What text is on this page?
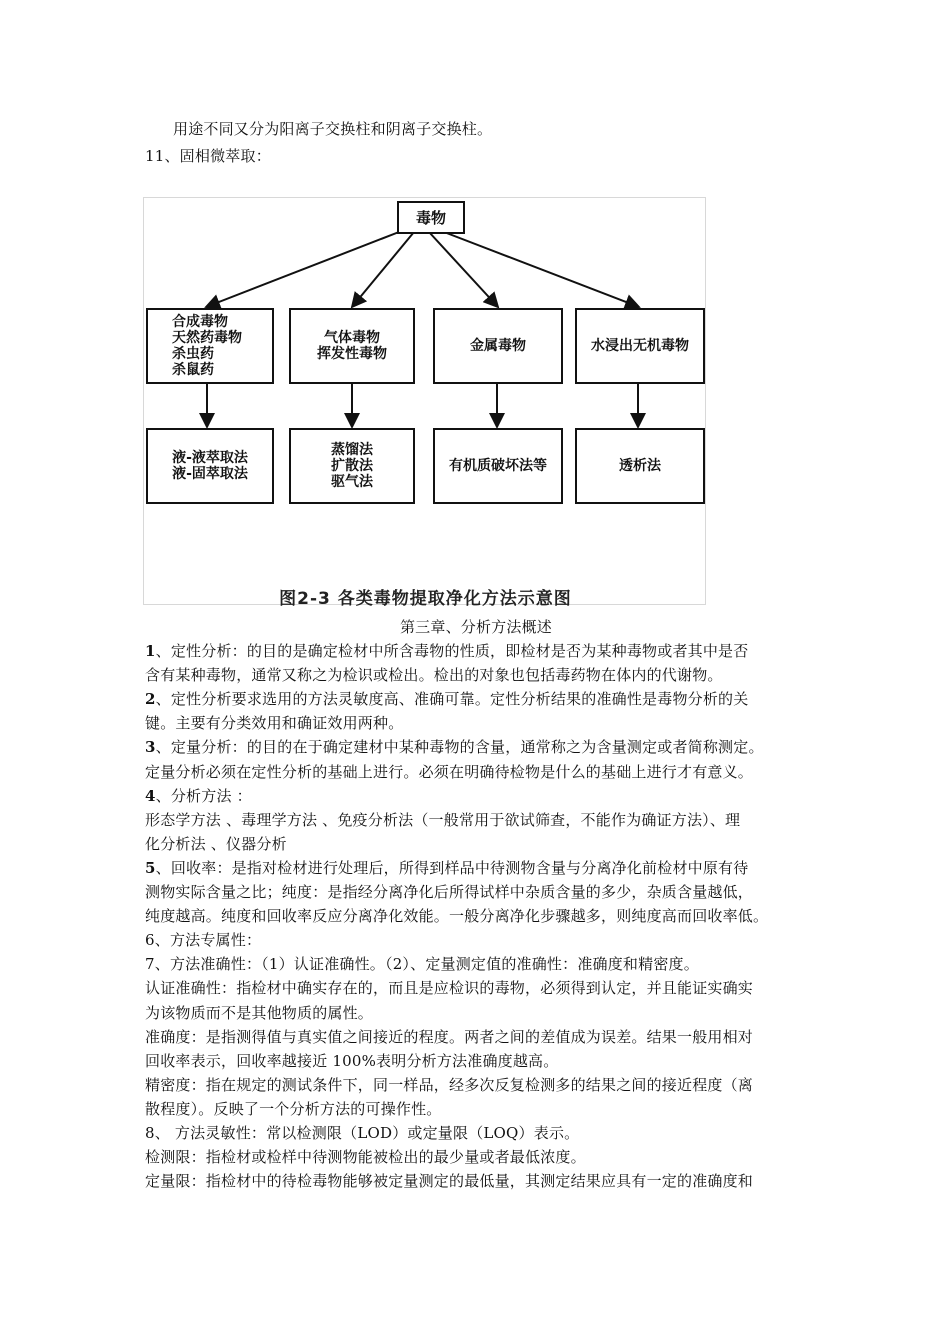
用途不同又分为阳离子交换柱和阴离子交换柱。
11、固相微萃取：
毒物
合成毒物
天然药毒物
杀虫药
杀鼠药
气体毒物
挥发性毒物	金属毒物	水浸出无机毒物
液-液萃取法
液-固萃取法
蒸馏法
扩散法
驱气法
有机质破坏法等	透析法
图2-3 各类毒物提取净化方法示意图
第三章、分析方法概述
1、定性分析：的目的是确定检材中所含毒物的性质，即检材是否为某种毒物或者其中是否
含有某种毒物，通常又称之为检识或检出。检出的对象也包括毒药物在体内的代谢物。
2、定性分析要求选用的方法灵敏度高、准确可靠。定性分析结果的准确性是毒物分析的关
键。主要有分类效用和确证效用两种。
3、定量分析：的目的在于确定建材中某种毒物的含量，通常称之为含量测定或者简称测定。
定量分析必须在定性分析的基础上进行。必须在明确待检物是什么的基础上进行才有意义。
4、分析方法 ：
形态学方法 、毒理学方法 、免疫分析法（一般常用于欲试筛查，不能作为确证方法）、理
化分析法 、仪器分析
5、回收率：是指对检材进行处理后，所得到样品中待测物含量与分离净化前检材中原有待
测物实际含量之比；纯度：是指经分离净化后所得试样中杂质含量的多少，杂质含量越低，
纯度越高。纯度和回收率反应分离净化效能。一般分离净化步骤越多，则纯度高而回收率低。
6、方法专属性：
7、方法准确性：（1）认证准确性。（2）、定量测定值的准确性：准确度和精密度。
认证准确性：指检材中确实存在的，而且是应检识的毒物，必须得到认定，并且能证实确实
为该物质而不是其他物质的属性。
准确度：是指测得值与真实值之间接近的程度。两者之间的差值成为误差。结果一般用相对
回收率表示，回收率越接近 100%表明分析方法准确度越高。
精密度：指在规定的测试条件下，同一样品，经多次反复检测多的结果之间的接近程度（离
散程度）。反映了一个分析方法的可操作性。
8、 方法灵敏性：常以检测限（LOD）或定量限（LOQ）表示。
检测限：指检材或检样中待测物能被检出的最少量或者最低浓度。
定量限：指检材中的待检毒物能够被定量测定的最低量，其测定结果应具有一定的准确度和
